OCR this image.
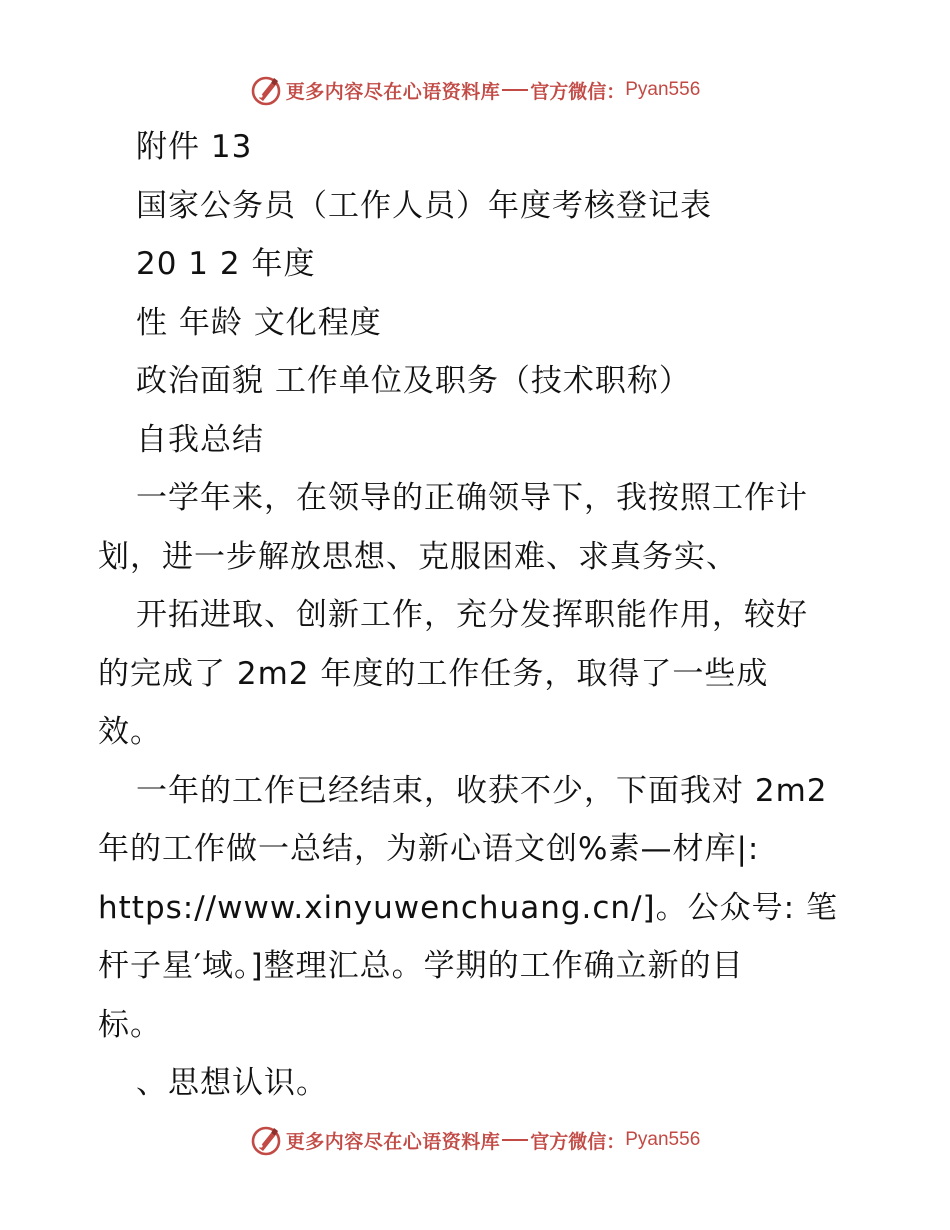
更多内容尽在心语资料库 官方微信： Pyan556
附件 13
国家公务员（工作人员）年度考核登记表
20 1 2 年度
性 年龄 文化程度
政治面貌 工作单位及职务（技术职称）
自我总结
一学年来，在领导的正确领导下，我按照工作计
划，进一步解放思想、克服困难、求真务实、
开拓进取、创新工作，充分发挥职能作用，较好
的完成了 2m2 年度的工作任务，取得了一些成
效。
一年的工作已经结束，收获不少，下面我对 2m2
年的工作做一总结，为新心语文创%素—材库|:
https://www.xinyuwenchuang.cn/]。公众号: 笔
杆子星′域。]整理汇总。学期的工作确立新的目
标。
、思想认识。
更多内容尽在心语资料库 官方微信： Pyan556
